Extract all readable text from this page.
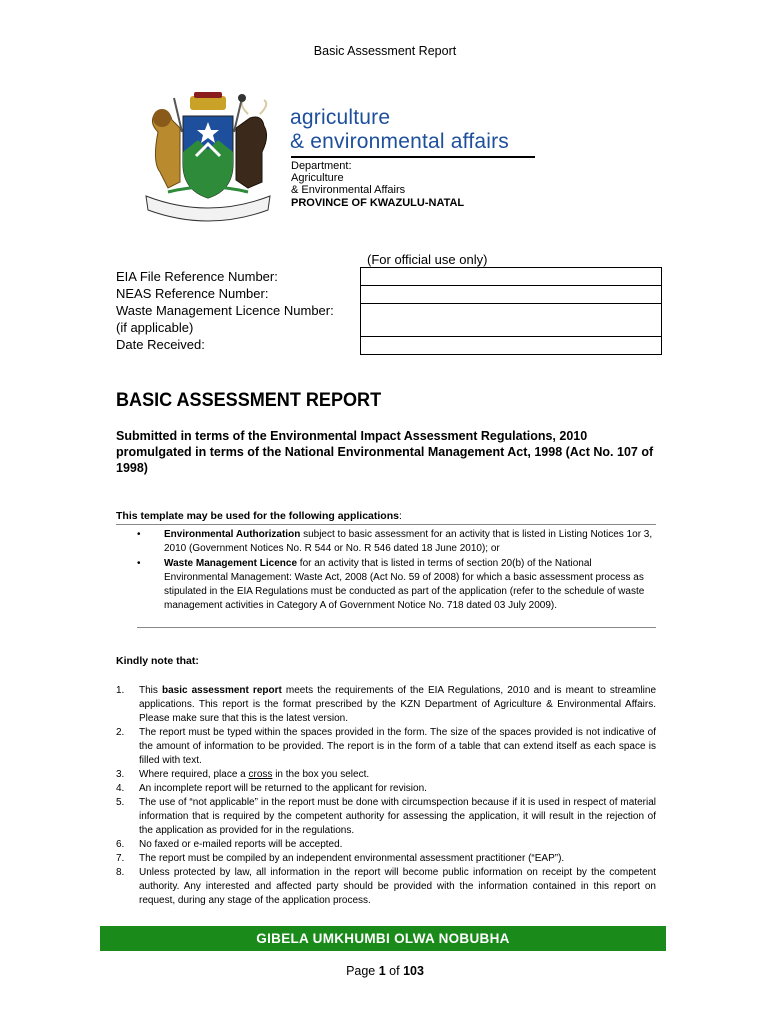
Basic Assessment Report
agriculture
& environmental affairs
Department:
Agriculture
& Environmental Affairs
PROVINCE OF KWAZULU-NATAL
(For official use only)
EIA File Reference Number:
NEAS Reference Number:
Waste Management Licence Number:
(if applicable)
Date Received:
BASIC ASSESSMENT REPORT
Submitted in terms of the Environmental Impact Assessment Regulations, 2010 promulgated in terms of the National Environmental Management Act, 1998 (Act No. 107 of 1998)
This template may be used for the following applications:
• Environmental Authorization subject to basic assessment for an activity that is listed in Listing Notices 1or 3, 2010 (Government Notices No. R 544 or No. R 546 dated 18 June 2010); or
• Waste Management Licence for an activity that is listed in terms of section 20(b) of the National Environmental Management: Waste Act, 2008 (Act No. 59 of 2008) for which a basic assessment process as stipulated in the EIA Regulations must be conducted as part of the application (refer to the schedule of waste management activities in Category A of Government Notice No. 718 dated 03 July 2009).
Kindly note that:
1. This basic assessment report meets the requirements of the EIA Regulations, 2010 and is meant to streamline applications. This report is the format prescribed by the KZN Department of Agriculture & Environmental Affairs. Please make sure that this is the latest version.
2. The report must be typed within the spaces provided in the form. The size of the spaces provided is not indicative of the amount of information to be provided. The report is in the form of a table that can extend itself as each space is filled with text.
3. Where required, place a cross in the box you select.
4. An incomplete report will be returned to the applicant for revision.
5. The use of “not applicable” in the report must be done with circumspection because if it is used in respect of material information that is required by the competent authority for assessing the application, it will result in the rejection of the application as provided for in the regulations.
6. No faxed or e-mailed reports will be accepted.
7. The report must be compiled by an independent environmental assessment practitioner (“EAP”).
8. Unless protected by law, all information in the report will become public information on receipt by the competent authority. Any interested and affected party should be provided with the information contained in this report on request, during any stage of the application process.
GIBELA UMKHUMBI OLWA NOBUBHA
Page 1 of 103
